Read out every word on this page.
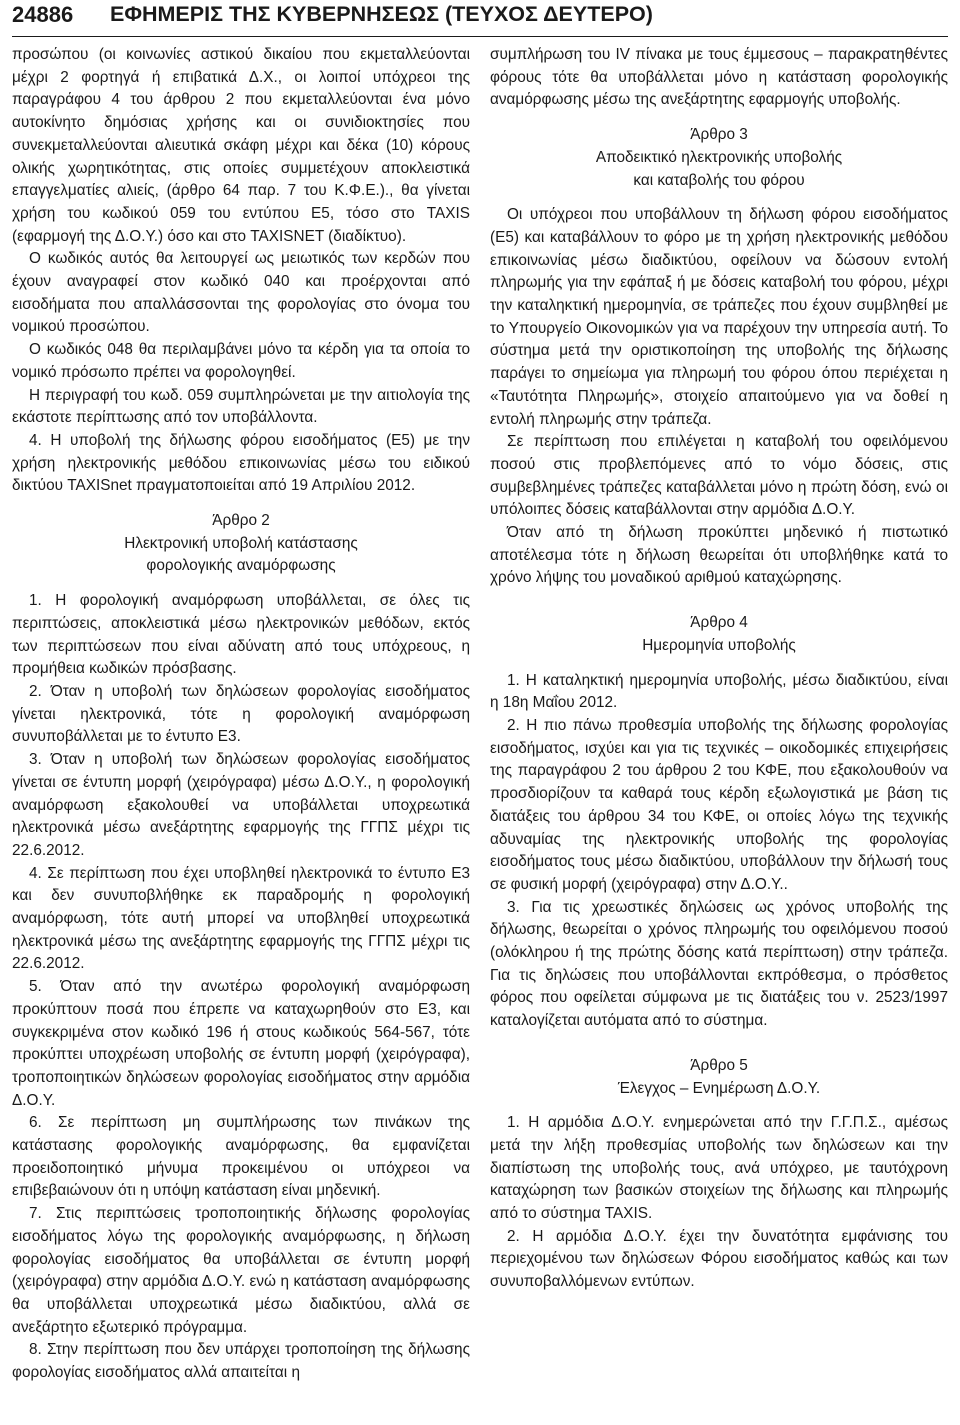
24886 ΕΦΗΜΕΡΙΣ ΤΗΣ ΚΥΒΕΡΝΗΣΕΩΣ (ΤΕΥΧΟΣ ΔΕΥΤΕΡΟ)

προσώπου (οι κοινωνίες αστικού δικαίου που εκμεταλλεύονται μέχρι 2 φορτηγά ή επιβατικά Δ.Χ., οι λοιποί υπόχρεοι της παραγράφου 4 του άρθρου 2 που εκμεταλλεύονται ένα μόνο αυτοκίνητο δημόσιας χρήσης και οι συνιδιοκτησίες που συνεκμεταλλεύονται αλιευτικά σκάφη μέχρι και δέκα (10) κόρους ολικής χωρητικότητας, στις οποίες συμμετέχουν αποκλειστικά επαγγελματίες αλιείς, (άρθρο 64 παρ. 7 του Κ.Φ.Ε.)., θα γίνεται χρήση του κωδικού 059 του εντύπου Ε5, τόσο στο TAXIS (εφαρμογή της Δ.Ο.Υ.) όσο και στο TAXISNET (διαδίκτυο).

Ο κωδικός αυτός θα λειτουργεί ως μειωτικός των κερδών που έχουν αναγραφεί στον κωδικό 040 και προέρχονται από εισοδήματα που απαλλάσσονται της φορολογίας στο όνομα του νομικού προσώπου.

Ο κωδικός 048 θα περιλαμβάνει μόνο τα κέρδη για τα οποία το νομικό πρόσωπο πρέπει να φορολογηθεί.

Η περιγραφή του κωδ. 059 συμπληρώνεται με την αιτιολογία της εκάστοτε περίπτωσης από τον υποβάλλοντα.

4. Η υποβολή της δήλωσης φόρου εισοδήματος (Ε5) με την χρήση ηλεκτρονικής μεθόδου επικοινωνίας μέσω του ειδικού δικτύου TAXISnet πραγματοποιείται από 19 Απριλίου 2012.

Άρθρο 2

Ηλεκτρονική υποβολή κατάστασης

φορολογικής αναμόρφωσης

1. Η φορολογική αναμόρφωση υποβάλλεται, σε όλες τις περιπτώσεις, αποκλειστικά μέσω ηλεκτρονικών μεθόδων, εκτός των περιπτώσεων που είναι αδύνατη από τους υπόχρεους, η προμήθεια κωδικών πρόσβασης.

2. Όταν η υποβολή των δηλώσεων φορολογίας εισοδήματος γίνεται ηλεκτρονικά, τότε η φορολογική αναμόρφωση συνυποβάλλεται με το έντυπο Ε3.

3. Όταν η υποβολή των δηλώσεων φορολογίας εισοδήματος γίνεται σε έντυπη μορφή (χειρόγραφα) μέσω Δ.Ο.Υ., η φορολογική αναμόρφωση εξακολουθεί να υποβάλλεται υποχρεωτικά ηλεκτρονικά μέσω ανεξάρτητης εφαρμογής της ΓΓΠΣ μέχρι τις 22.6.2012.

4. Σε περίπτωση που έχει υποβληθεί ηλεκτρονικά το έντυπο Ε3 και δεν συνυποβλήθηκε εκ παραδρομής η φορολογική αναμόρφωση, τότε αυτή μπορεί να υποβληθεί υποχρεωτικά ηλεκτρονικά μέσω της ανεξάρτητης εφαρμογής της ΓΓΠΣ μέχρι τις 22.6.2012.

5. Όταν από την ανωτέρω φορολογική αναμόρφωση προκύπτουν ποσά που έπρεπε να καταχωρηθούν στο Ε3, και συγκεκριμένα στον κωδικό 196 ή στους κωδικούς 564-567, τότε προκύπτει υποχρέωση υποβολής σε έντυπη μορφή (χειρόγραφα), τροποποιητικών δηλώσεων φορολογίας εισοδήματος στην αρμόδια Δ.Ο.Υ.

6. Σε περίπτωση μη συμπλήρωσης των πινάκων της κατάστασης φορολογικής αναμόρφωσης, θα εμφανίζεται προειδοποιητικό μήνυμα προκειμένου οι υπόχρεοι να επιβεβαιώνουν ότι η υπόψη κατάσταση είναι μηδενική.

7. Στις περιπτώσεις τροποποιητικής δήλωσης φορολογίας εισοδήματος λόγω της φορολογικής αναμόρφωσης, η δήλωση φορολογίας εισοδήματος θα υποβάλλεται σε έντυπη μορφή (χειρόγραφα) στην αρμόδια Δ.Ο.Υ. ενώ η κατάσταση αναμόρφωσης θα υποβάλλεται υποχρεωτικά μέσω διαδικτύου, αλλά σε ανεξάρτητο εξωτερικό πρόγραμμα.

8. Στην περίπτωση που δεν υπάρχει τροποποίηση της δήλωσης φορολογίας εισοδήματος αλλά απαιτείται η

συμπλήρωση του IV πίνακα με τους έμμεσους – παρακρατηθέντες φόρους τότε θα υποβάλλεται μόνο η κατάσταση φορολογικής αναμόρφωσης μέσω της ανεξάρτητης εφαρμογής υποβολής.

Άρθρο 3

Αποδεικτικό ηλεκτρονικής υποβολής

και καταβολής του φόρου

Οι υπόχρεοι που υποβάλλουν τη δήλωση φόρου εισοδήματος (Ε5) και καταβάλλουν το φόρο με τη χρήση ηλεκτρονικής μεθόδου επικοινωνίας μέσω διαδικτύου, οφείλουν να δώσουν εντολή πληρωμής για την εφάπαξ ή με δόσεις καταβολή του φόρου, μέχρι την καταληκτική ημερομηνία, σε τράπεζες που έχουν συμβληθεί με το Υπουργείο Οικονομικών για να παρέχουν την υπηρεσία αυτή. Το σύστημα μετά την οριστικοποίηση της υποβολής της δήλωσης παράγει το σημείωμα για πληρωμή του φόρου όπου περιέχεται η «Ταυτότητα Πληρωμής», στοιχείο απαιτούμενο για να δοθεί η εντολή πληρωμής στην τράπεζα.

Σε περίπτωση που επιλέγεται η καταβολή του οφειλόμενου ποσού στις προβλεπόμενες από το νόμο δόσεις, στις συμβεβλημένες τράπεζες καταβάλλεται μόνο η πρώτη δόση, ενώ οι υπόλοιπες δόσεις καταβάλλονται στην αρμόδια Δ.Ο.Υ.

Όταν από τη δήλωση προκύπτει μηδενικό ή πιστωτικό αποτέλεσμα τότε η δήλωση θεωρείται ότι υποβλήθηκε κατά το χρόνο λήψης του μοναδικού αριθμού καταχώρησης.

Άρθρο 4

Ημερομηνία υποβολής

1. Η καταληκτική ημερομηνία υποβολής, μέσω διαδικτύου, είναι η 18η Μαΐου 2012.

2. Η πιο πάνω προθεσμία υποβολής της δήλωσης φορολογίας εισοδήματος, ισχύει και για τις τεχνικές – οικοδομικές επιχειρήσεις της παραγράφου 2 του άρθρου 2 του ΚΦΕ, που εξακολουθούν να προσδιορίζουν τα καθαρά τους κέρδη εξωλογιστικά με βάση τις διατάξεις του άρθρου 34 του ΚΦΕ, οι οποίες λόγω της τεχνικής αδυναμίας της ηλεκτρονικής υποβολής της φορολογίας εισοδήματος τους μέσω διαδικτύου, υποβάλλουν την δήλωσή τους σε φυσική μορφή (χειρόγραφα) στην Δ.Ο.Υ..

3. Για τις χρεωστικές δηλώσεις ως χρόνος υποβολής της δήλωσης, θεωρείται ο χρόνος πληρωμής του οφειλόμενου ποσού (ολόκληρου ή της πρώτης δόσης κατά περίπτωση) στην τράπεζα. Για τις δηλώσεις που υποβάλλονται εκπρόθεσμα, ο πρόσθετος φόρος που οφείλεται σύμφωνα με τις διατάξεις του ν. 2523/1997 καταλογίζεται αυτόματα από το σύστημα.

Άρθρο 5

Έλεγχος – Ενημέρωση Δ.Ο.Υ.

1. Η αρμόδια Δ.Ο.Υ. ενημερώνεται από την Γ.Γ.Π.Σ., αμέσως μετά την λήξη προθεσμίας υποβολής των δηλώσεων και την διαπίστωση της υποβολής τους, ανά υπόχρεο, με ταυτόχρονη καταχώρηση των βασικών στοιχείων της δήλωσης και πληρωμής από το σύστημα TAXIS.

2. Η αρμόδια Δ.Ο.Υ. έχει την δυνατότητα εμφάνισης του περιεχομένου των δηλώσεων Φόρου εισοδήματος καθώς και των συνυποβαλλόμενων εντύπων.
